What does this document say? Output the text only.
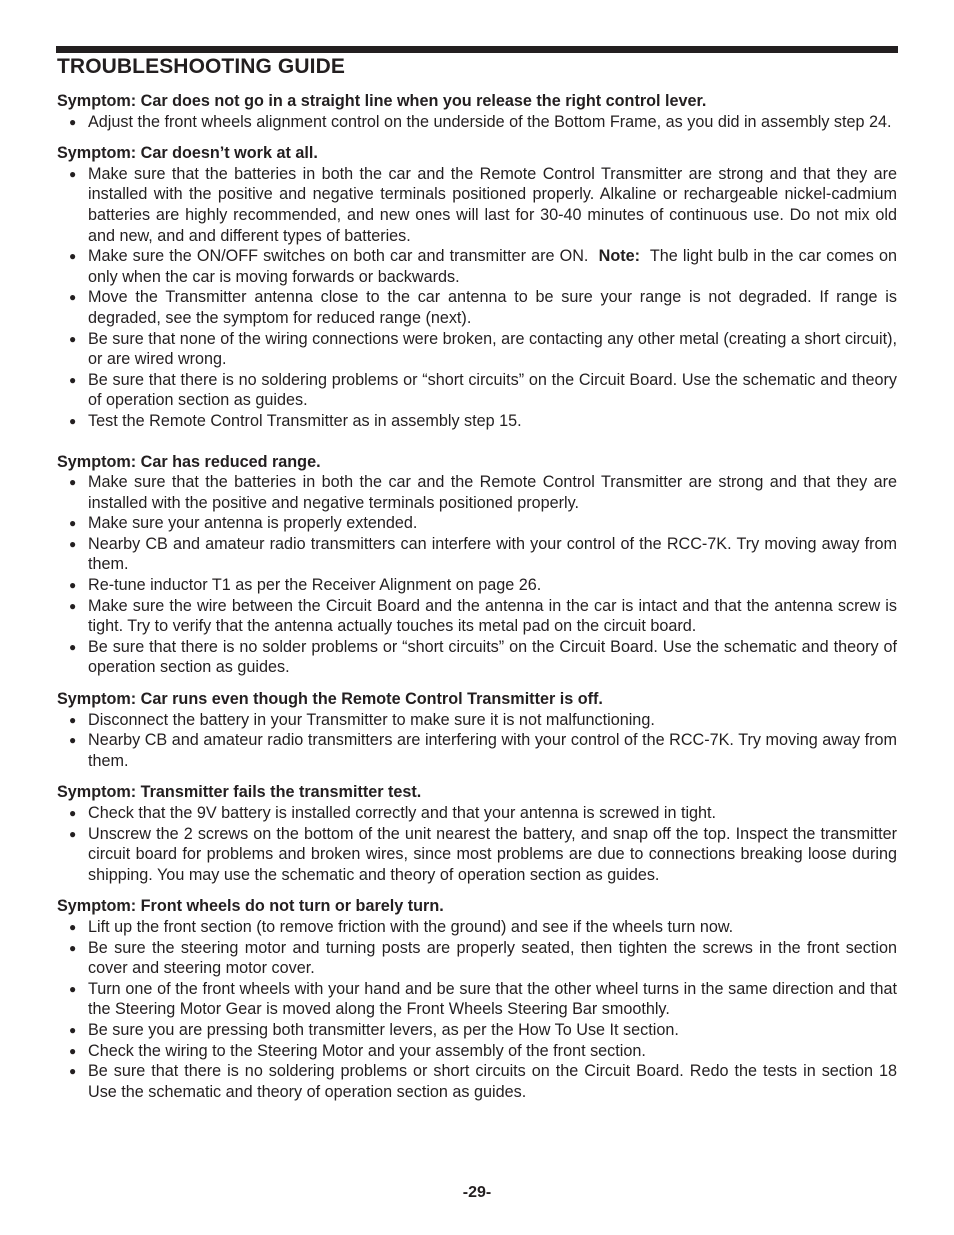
TROUBLESHOOTING GUIDE

Symptom: Car does not go in a straight line when you release the right control lever.

● Adjust the front wheels alignment control on the underside of the Bottom Frame, as you did in assembly step 24.

Symptom: Car doesn’t work at all.

● Make sure that the batteries in both the car and the Remote Control Transmitter are strong and that they are installed with the positive and negative terminals positioned properly. Alkaline or rechargeable nickel-cadmium batteries are highly recommended, and new ones will last for 30-40 minutes of continuous use. Do not mix old and new, and and different types of batteries.
● Make sure the ON/OFF switches on both car and transmitter are ON. Note: The light bulb in the car comes on only when the car is moving forwards or backwards.
● Move the Transmitter antenna close to the car antenna to be sure your range is not degraded. If range is degraded, see the symptom for reduced range (next).
● Be sure that none of the wiring connections were broken, are contacting any other metal (creating a short circuit), or are wired wrong.
● Be sure that there is no soldering problems or “short circuits” on the Circuit Board. Use the schematic and theory of operation section as guides.
● Test the Remote Control Transmitter as in assembly step 15.

Symptom: Car has reduced range.

● Make sure that the batteries in both the car and the Remote Control Transmitter are strong and that they are installed with the positive and negative terminals positioned properly.
● Make sure your antenna is properly extended.
● Nearby CB and amateur radio transmitters can interfere with your control of the RCC-7K. Try moving away from them.
● Re-tune inductor T1 as per the Receiver Alignment on page 26.
● Make sure the wire between the Circuit Board and the antenna in the car is intact and that the antenna screw is tight. Try to verify that the antenna actually touches its metal pad on the circuit board.
● Be sure that there is no solder problems or “short circuits” on the Circuit Board. Use the schematic and theory of operation section as guides.

Symptom: Car runs even though the Remote Control Transmitter is off.

● Disconnect the battery in your Transmitter to make sure it is not malfunctioning.
● Nearby CB and amateur radio transmitters are interfering with your control of the RCC-7K. Try moving away from them.

Symptom: Transmitter fails the transmitter test.

● Check that the 9V battery is installed correctly and that your antenna is screwed in tight.
● Unscrew the 2 screws on the bottom of the unit nearest the battery, and snap off the top. Inspect the transmitter circuit board for problems and broken wires, since most problems are due to connections breaking loose during shipping. You may use the schematic and theory of operation section as guides.

Symptom: Front wheels do not turn or barely turn.

● Lift up the front section (to remove friction with the ground) and see if the wheels turn now.
● Be sure the steering motor and turning posts are properly seated, then tighten the screws in the front section cover and steering motor cover.
● Turn one of the front wheels with your hand and be sure that the other wheel turns in the same direction and that the Steering Motor Gear is moved along the Front Wheels Steering Bar smoothly.
● Be sure you are pressing both transmitter levers, as per the How To Use It section.
● Check the wiring to the Steering Motor and your assembly of the front section.
● Be sure that there is no soldering problems or short circuits on the Circuit Board. Redo the tests in section 18 Use the schematic and theory of operation section as guides.
-29-
